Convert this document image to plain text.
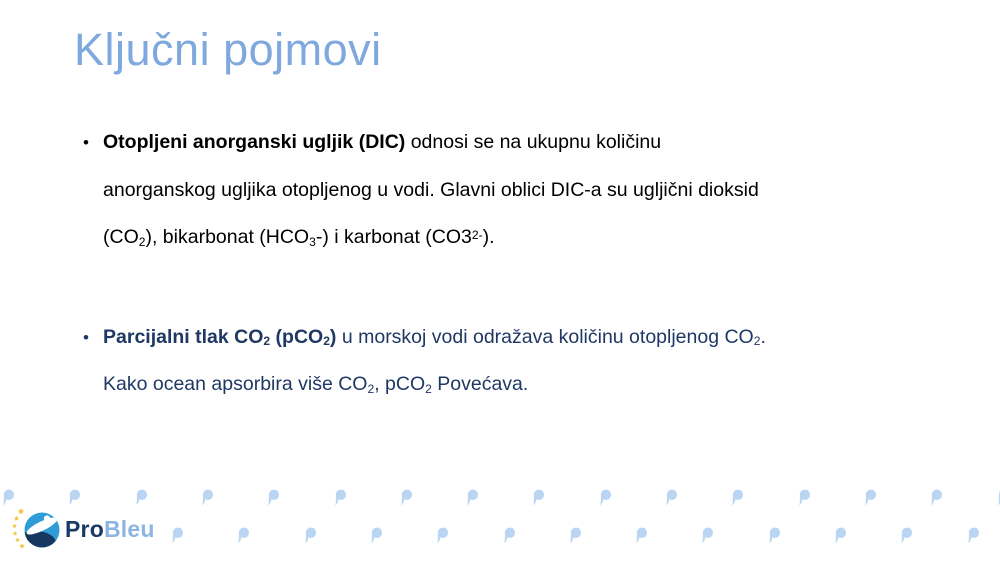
Ključni pojmovi
• Otopljeni anorganski ugljik (DIC) odnosi se na ukupnu količinu
anorganskog ugljika otopljenog u vodi. Glavni oblici DIC-a su ugljični dioksid
(CO2), bikarbonat (HCO3-) i karbonat (CO32-).
• Parcijalni tlak CO2 (pCO2) u morskoj vodi odražava količinu otopljenog CO2.
Kako ocean apsorbira više CO2, pCO2 Povećava.
ProBleu
